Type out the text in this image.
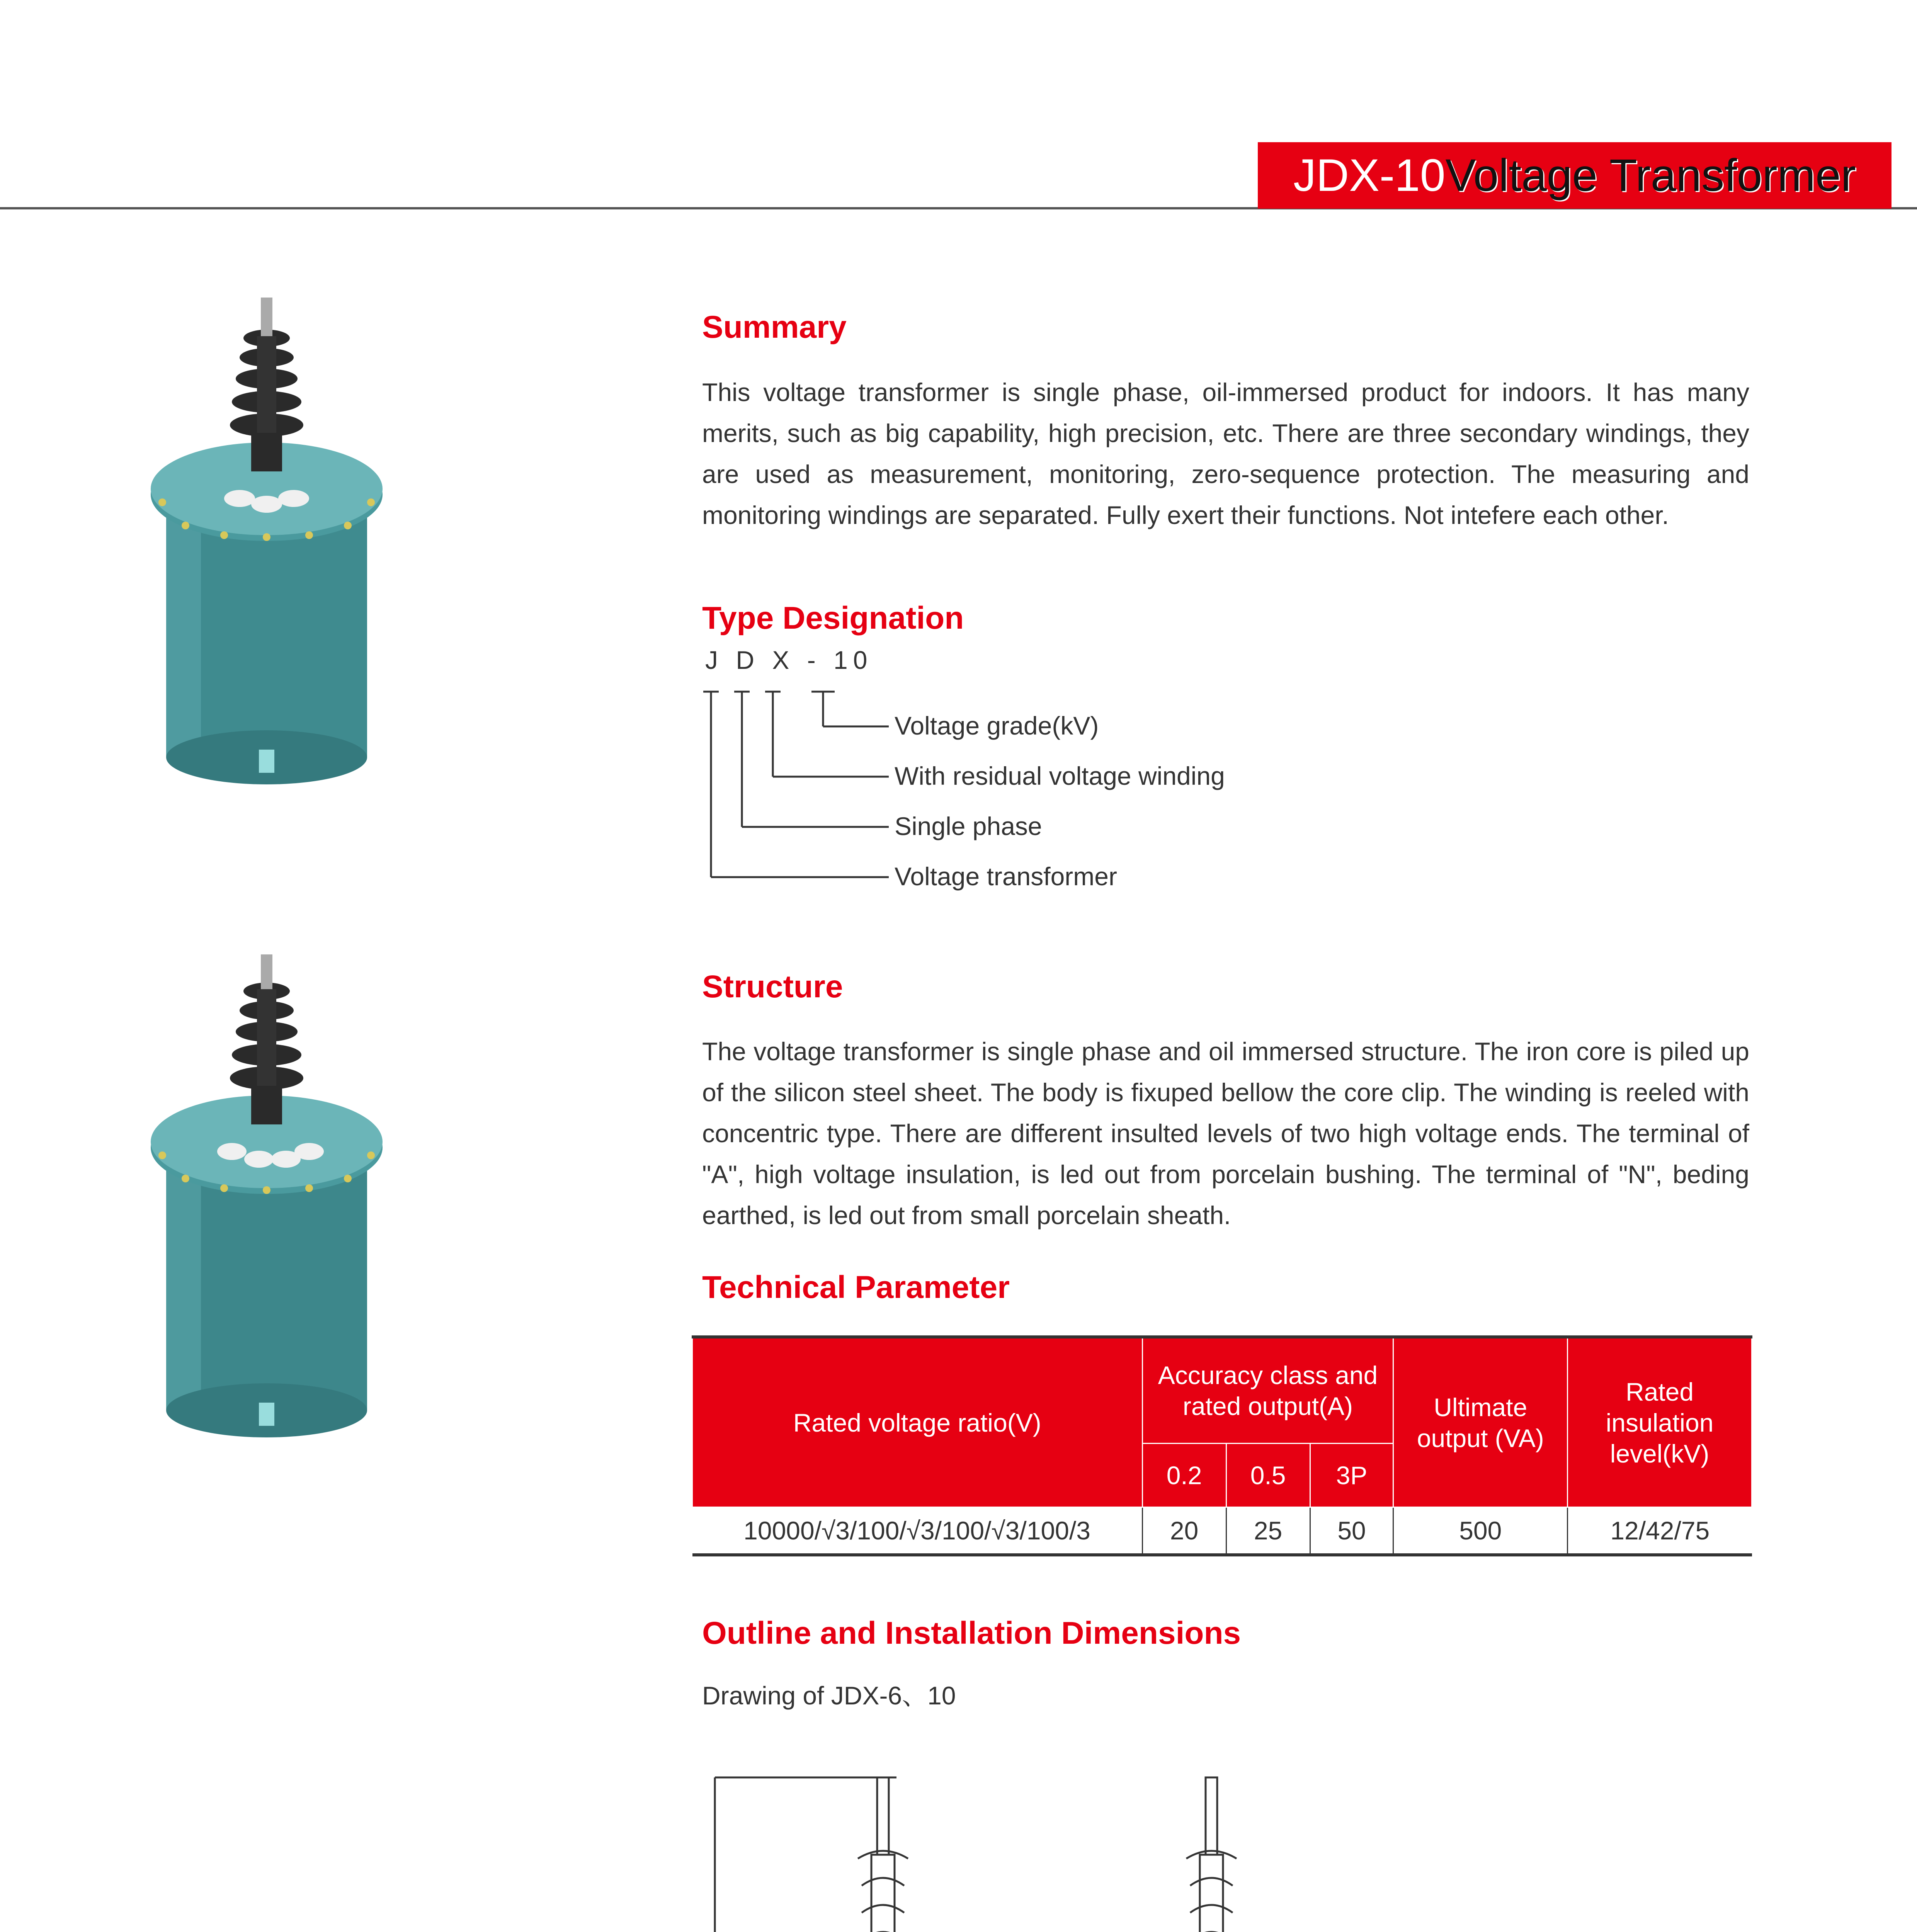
JDX-10 Voltage Transformer
Summary
This voltage transformer is single phase, oil-immersed product for indoors. It has many merits, such as big capability, high precision, etc. There are three secondary windings, they are used as measurement, monitoring, zero-sequence protection. The measuring and monitoring windings are separated. Fully exert their functions. Not intefere each other.
Type Designation
J D X - 10
Voltage grade(kV)
With residual voltage winding
Single phase
Voltage transformer
Structure
The voltage transformer is single phase and oil immersed structure. The iron core is piled up of the silicon steel sheet. The body is fixuped bellow the core clip. The winding is reeled with concentric type. There are different insulted levels of two high voltage ends. The terminal of "A", high voltage insulation, is led out from porcelain bushing. The terminal of "N", beding earthed, is led out from small porcelain sheath.
Technical Parameter
Rated voltage ratio(V)	Accuracy class and rated output(A)			Ultimate output (VA)	Rated insulation level(kV)
	0.2	0.5	3P		
10000/√3/100/√3/100/√3/100/3	20	25	50	500	12/42/75
Outline and Installation Dimensions
Drawing of JDX-6、10
